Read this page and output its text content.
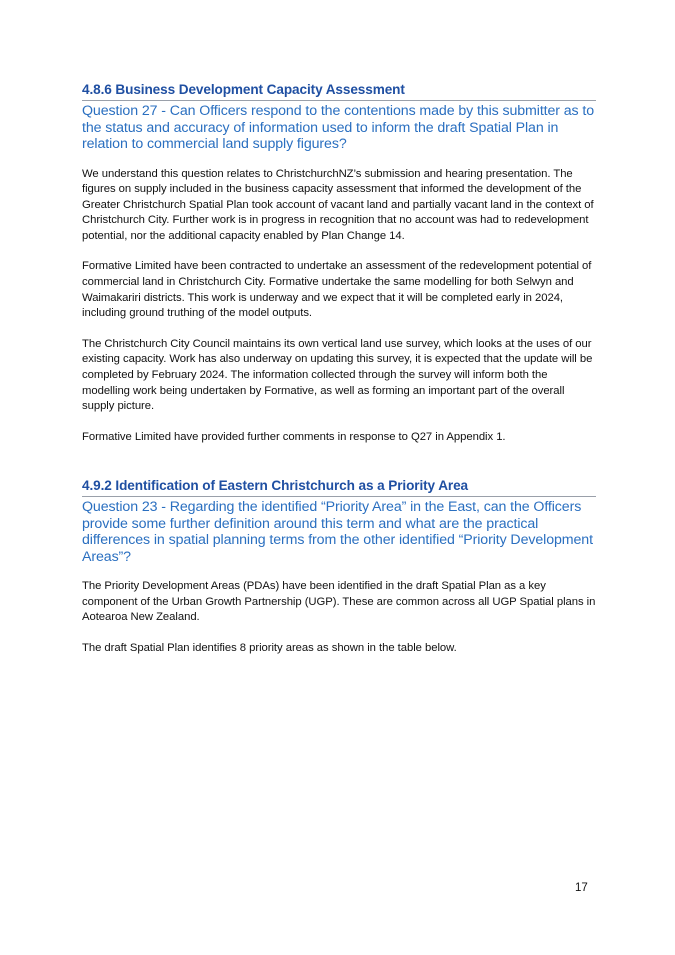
4.8.6 Business Development Capacity Assessment
Question 27 - Can Officers respond to the contentions made by this submitter as to the status and accuracy of information used to inform the draft Spatial Plan in relation to commercial land supply figures?

We understand this question relates to ChristchurchNZ’s submission and hearing presentation. The figures on supply included in the business capacity assessment that informed the development of the Greater Christchurch Spatial Plan took account of vacant land and partially vacant land in the context of Christchurch City. Further work is in progress in recognition that no account was had to redevelopment potential, nor the additional capacity enabled by Plan Change 14.

Formative Limited have been contracted to undertake an assessment of the redevelopment potential of commercial land in Christchurch City. Formative undertake the same modelling for both Selwyn and Waimakariri districts. This work is underway and we expect that it will be completed early in 2024, including ground truthing of the model outputs.

The Christchurch City Council maintains its own vertical land use survey, which looks at the uses of our existing capacity. Work has also underway on updating this survey, it is expected that the update will be completed by February 2024. The information collected through the survey will inform both the modelling work being undertaken by Formative, as well as forming an important part of the overall supply picture.

Formative Limited have provided further comments in response to Q27 in Appendix 1.

4.9.2 Identification of Eastern Christchurch as a Priority Area
Question 23 - Regarding the identified “Priority Area” in the East, can the Officers provide some further definition around this term and what are the practical differences in spatial planning terms from the other identified “Priority Development Areas”?

The Priority Development Areas (PDAs) have been identified in the draft Spatial Plan as a key component of the Urban Growth Partnership (UGP). These are common across all UGP Spatial plans in Aotearoa New Zealand.

The draft Spatial Plan identifies 8 priority areas as shown in the table below.

17
